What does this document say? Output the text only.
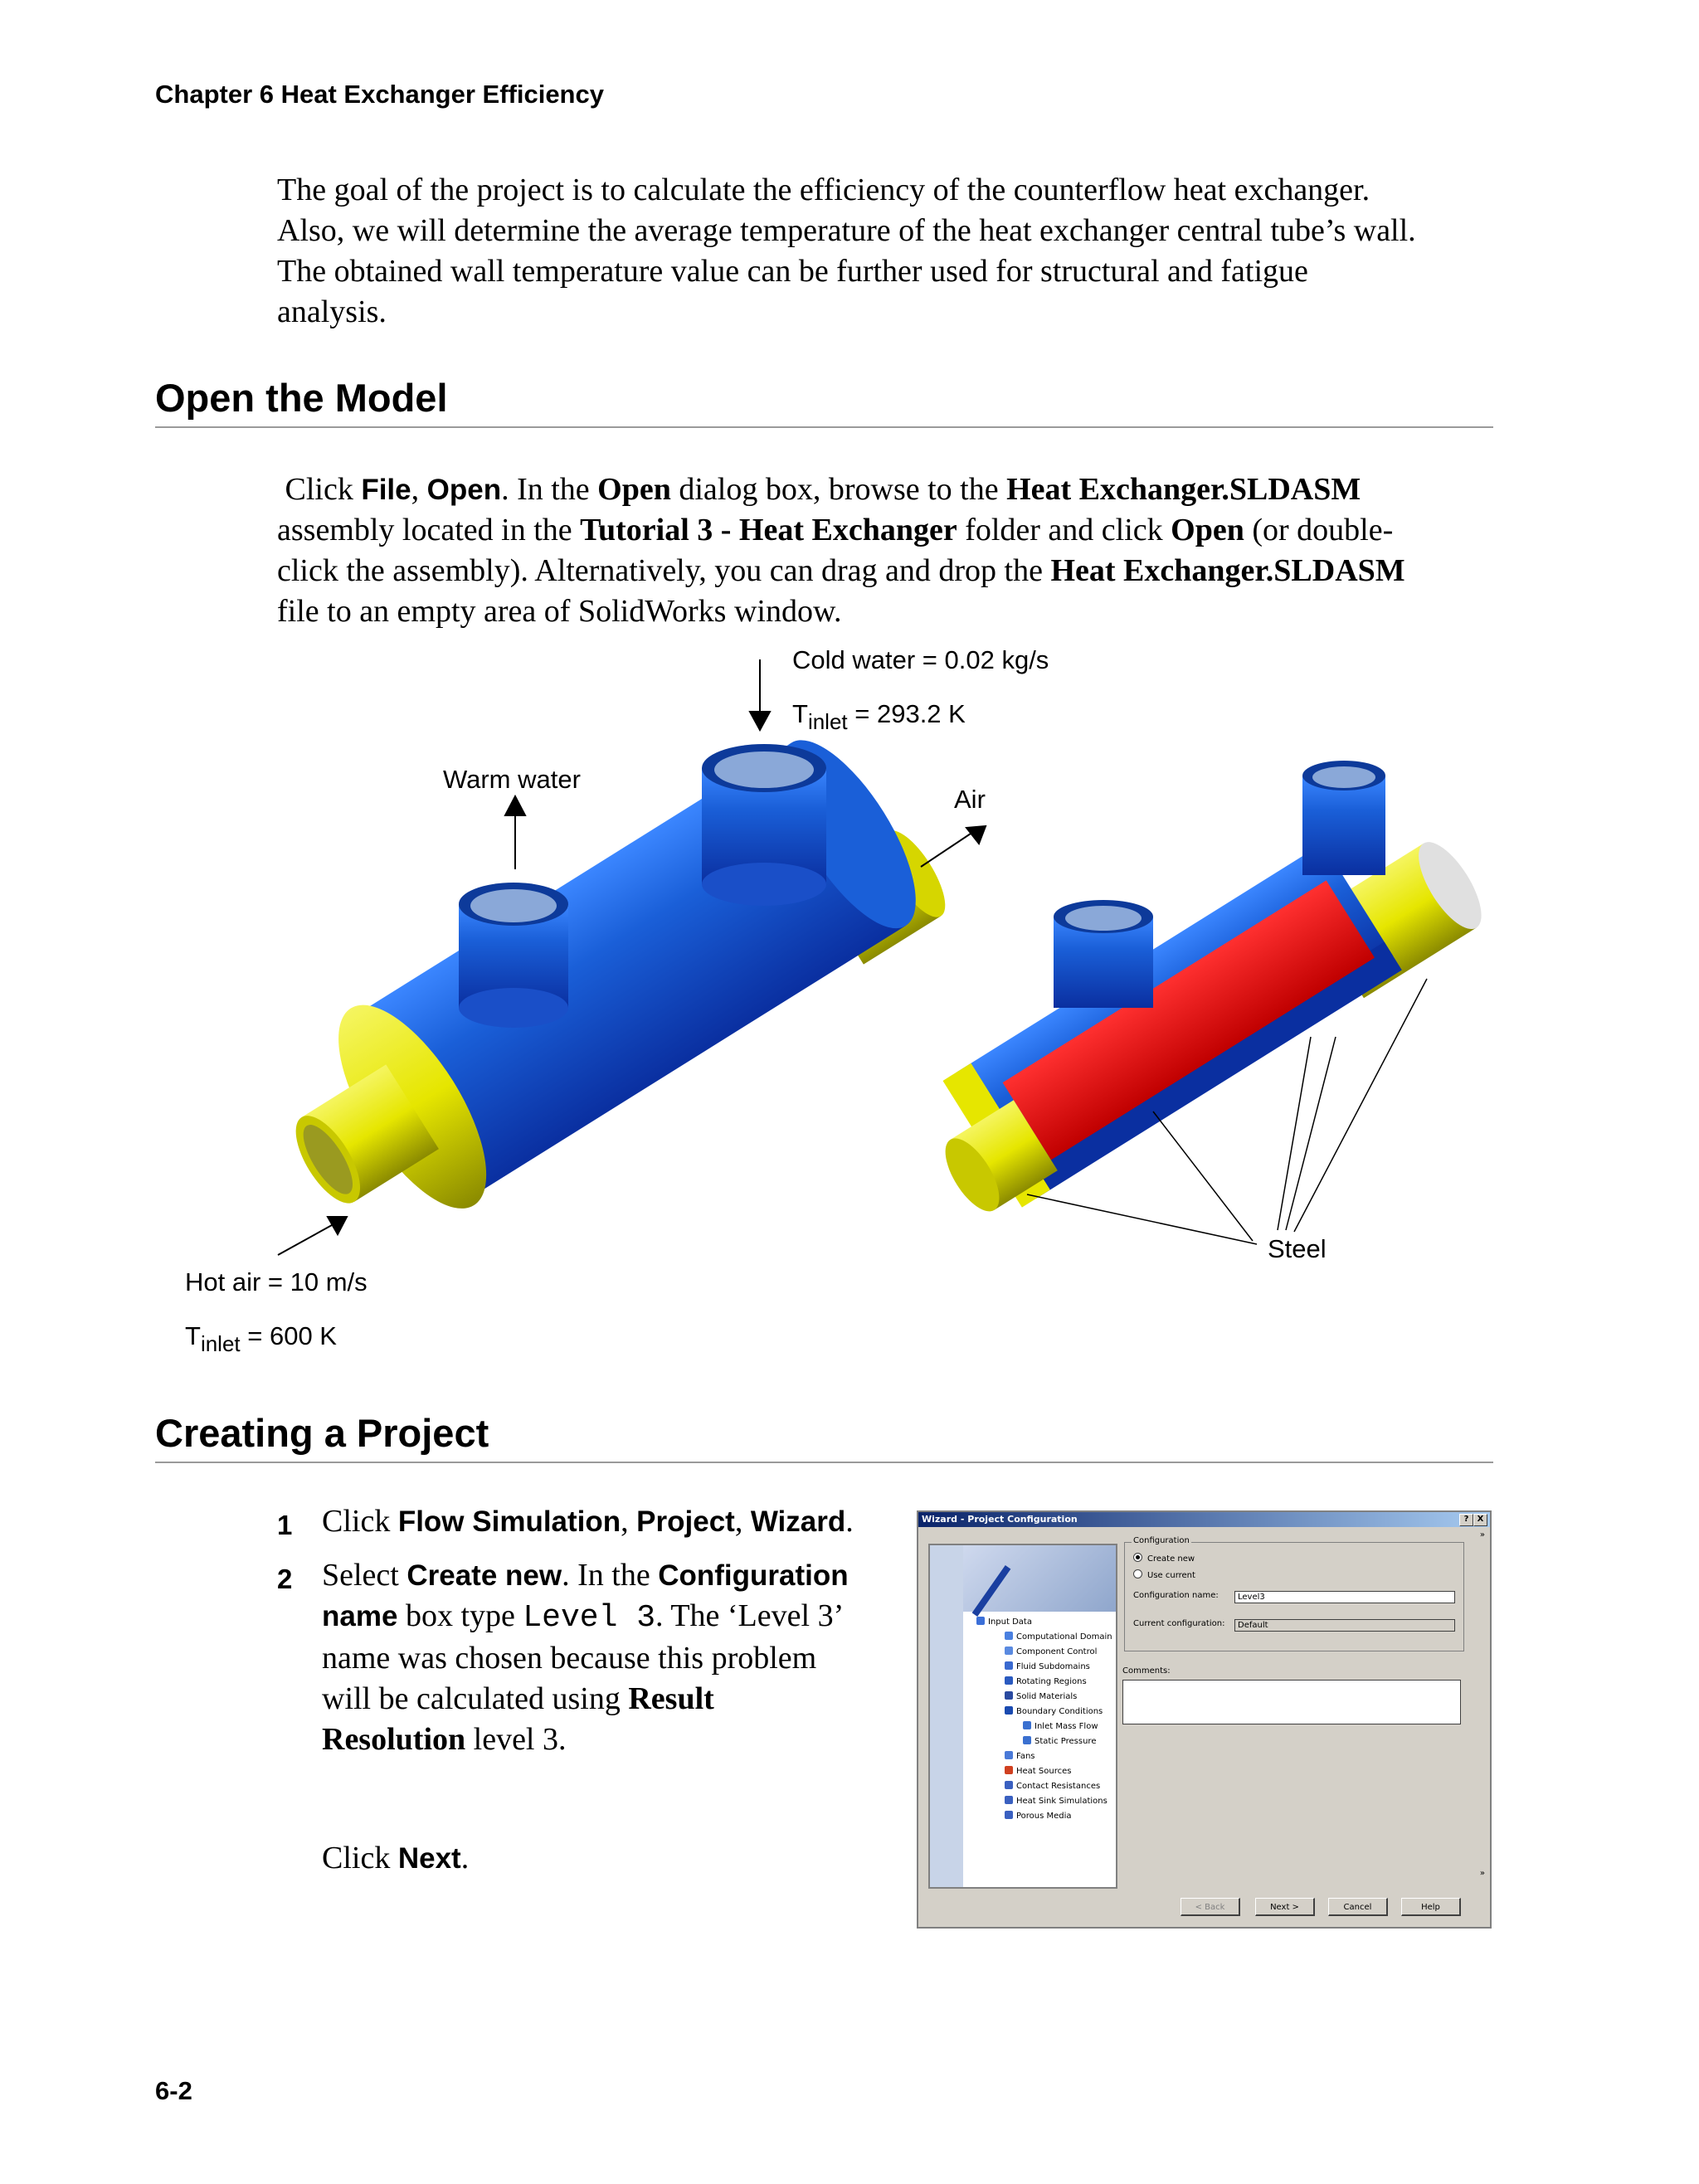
Chapter 6 Heat Exchanger Efficiency
The goal of the project is to calculate the efficiency of the counterflow heat exchanger.
Also, we will determine the average temperature of the heat exchanger central tube’s wall.
The obtained wall temperature value can be further used for structural and fatigue
analysis.
Open the Model
Click File, Open. In the Open dialog box, browse to the Heat Exchanger.SLDASM
assembly located in the Tutorial 3 - Heat Exchanger folder and click Open (or double-
click the assembly). Alternatively, you can drag and drop the Heat Exchanger.SLDASM
file to an empty area of SolidWorks window.
Cold water = 0.02 kg/s
$T_{inlet} = 293.2$ K
Warm water
Air
Hot air = 10 m/s
$T_{inlet} = 600$ K
Steel
Creating a Project
1 Click Flow Simulation, Project, Wizard.
2 Select Create new. In the Configuration
name box type Level 3. The ‘Level 3’
name was chosen because this problem
will be calculated using Result
Resolution level 3.
Click Next.
Wizard - Project Configuration	?	X
Input Data
Computational Domain
Component Control
Fluid Subdomains
Rotating Regions
Solid Materials
Boundary Conditions
Inlet Mass Flow
Static Pressure
Fans
Heat Sources
Contact Resistances
Heat Sink Simulations
Porous Media
Configuration
Create new
Use current
Configuration name:	Level3
Current configuration:	Default
Comments:
»
»
< Back	Next >	Cancel	Help
6-2
